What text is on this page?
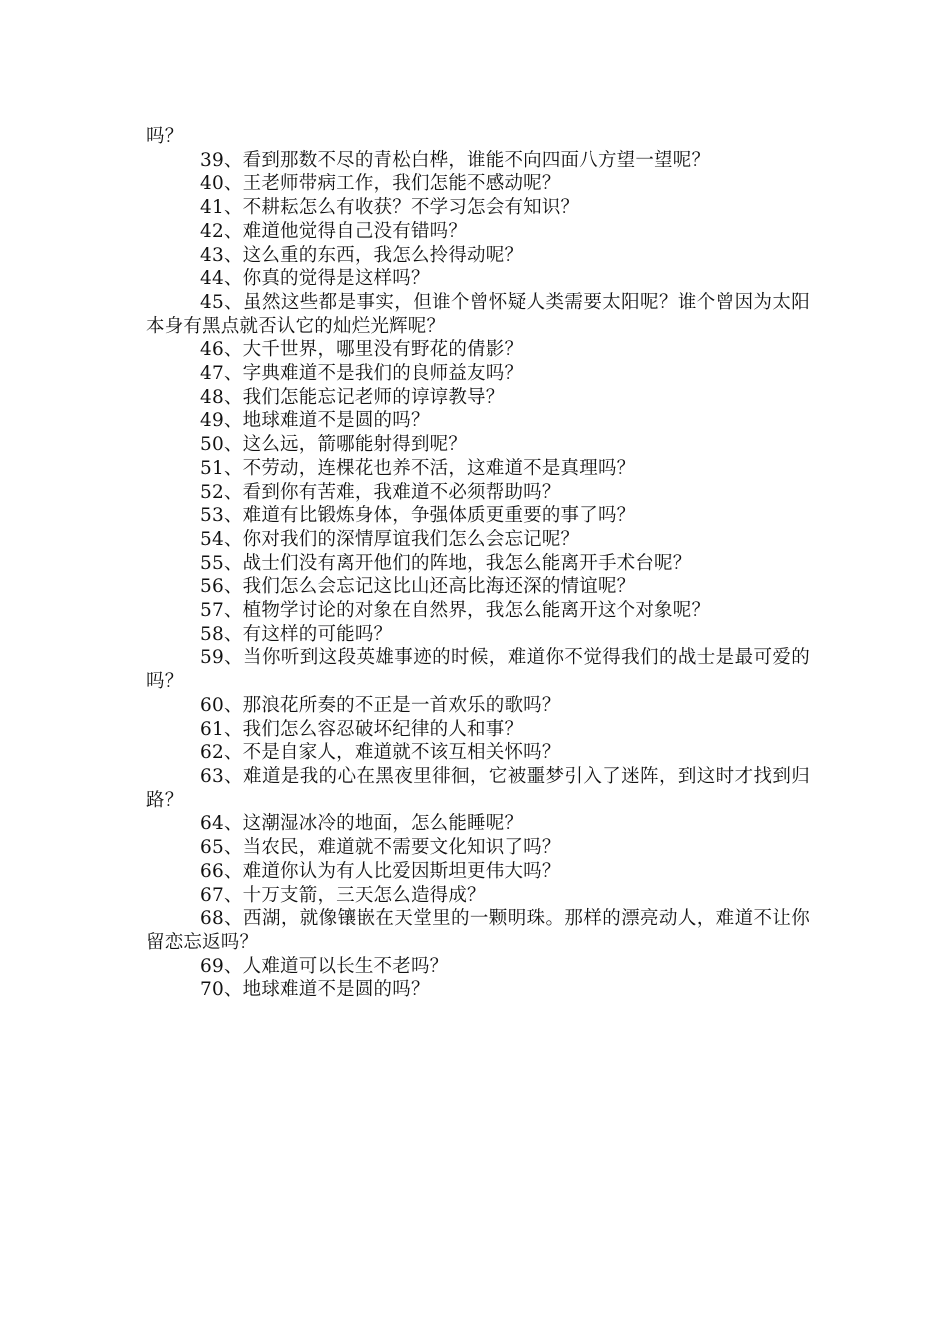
吗？

39、看到那数不尽的青松白桦，谁能不向四面八方望一望呢？

40、王老师带病工作，我们怎能不感动呢？

41、不耕耘怎么有收获？不学习怎会有知识？

42、难道他觉得自己没有错吗？

43、这么重的东西，我怎么拎得动呢？

44、你真的觉得是这样吗？

45、虽然这些都是事实，但谁个曾怀疑人类需要太阳呢？谁个曾因为太阳本身有黑点就否认它的灿烂光辉呢？

46、大千世界，哪里没有野花的倩影？

47、字典难道不是我们的良师益友吗？

48、我们怎能忘记老师的谆谆教导？

49、地球难道不是圆的吗？

50、这么远，箭哪能射得到呢？

51、不劳动，连棵花也养不活，这难道不是真理吗？

52、看到你有苦难，我难道不必须帮助吗？

53、难道有比锻炼身体，争强体质更重要的事了吗？

54、你对我们的深情厚谊我们怎么会忘记呢？

55、战士们没有离开他们的阵地，我怎么能离开手术台呢？

56、我们怎么会忘记这比山还高比海还深的情谊呢？

57、植物学讨论的对象在自然界，我怎么能离开这个对象呢？

58、有这样的可能吗？

59、当你听到这段英雄事迹的时候，难道你不觉得我们的战士是最可爱的吗？

60、那浪花所奏的不正是一首欢乐的歌吗？

61、我们怎么容忍破坏纪律的人和事？

62、不是自家人，难道就不该互相关怀吗？

63、难道是我的心在黑夜里徘徊，它被噩梦引入了迷阵，到这时才找到归路？

64、这潮湿冰冷的地面，怎么能睡呢？

65、当农民，难道就不需要文化知识了吗？

66、难道你认为有人比爱因斯坦更伟大吗？

67、十万支箭，三天怎么造得成？

68、西湖，就像镶嵌在天堂里的一颗明珠。那样的漂亮动人，难道不让你留恋忘返吗？

69、人难道可以长生不老吗？

70、地球难道不是圆的吗？
